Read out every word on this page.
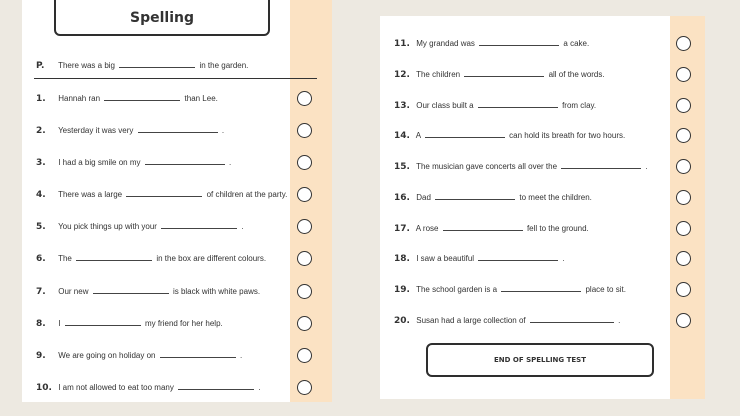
Spelling
P. There was a big	in the garden.
1. Hannah ran	than Lee.
2. Yesterday it was very	.
3. I had a big smile on my	.
4. There was a large	of children at the party.
5. You pick things up with your	.
6. The	in the box are different colours.
7. Our new	is black with white paws.
8. I	my friend for her help.
9. We are going on holiday on	.
10. I am not allowed to eat too many	.
11. My grandad was	a cake.
12. The children	all of the words.
13. Our class built a	from clay.
14. A	can hold its breath for two hours.
15. The musician gave concerts all over the	.
16. Dad	to meet the children.
17. A rose	fell to the ground.
18. I saw a beautiful	.
19. The school garden is a	place to sit.
20. Susan had a large collection of	.
END OF SPELLING TEST
